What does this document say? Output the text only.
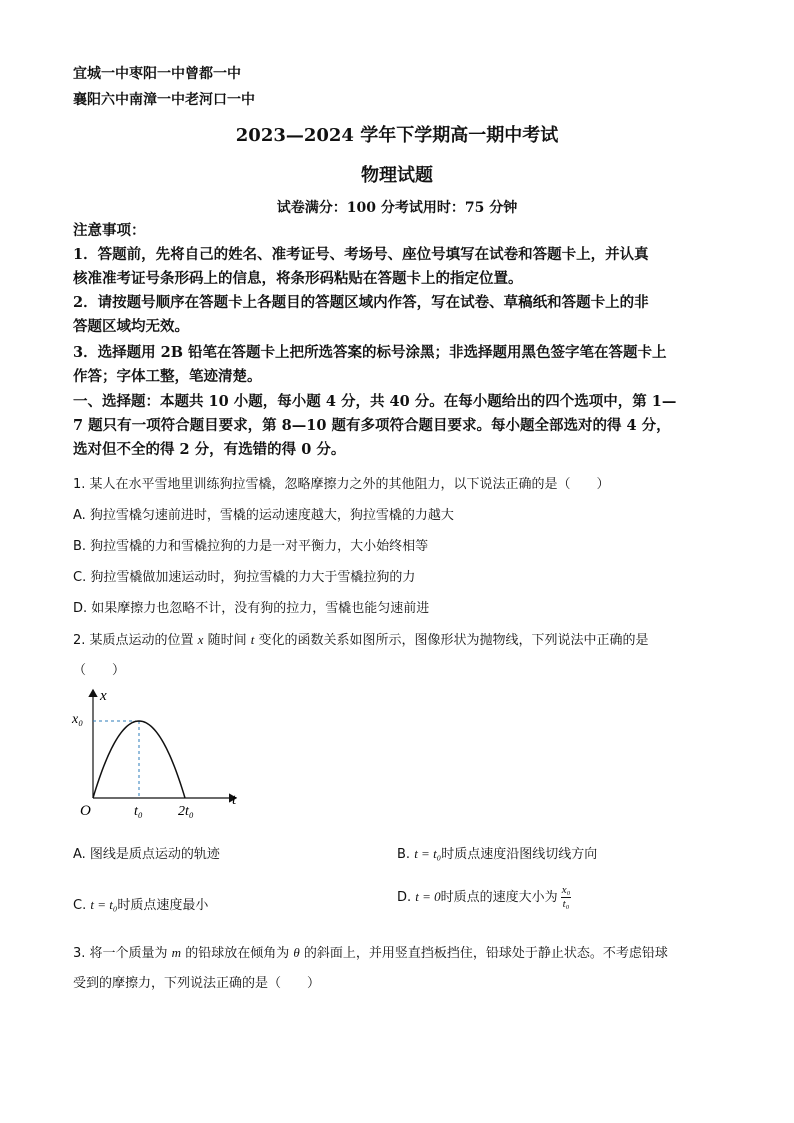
宜城一中枣阳一中曾都一中
襄阳六中南漳一中老河口一中
2023—2024 学年下学期高一期中考试
物理试题
试卷满分：100 分考试用时：75 分钟
注意事项：
1．答题前，先将自己的姓名、准考证号、考场号、座位号填写在试卷和答题卡上，并认真
核准准考证号条形码上的信息，将条形码粘贴在答题卡上的指定位置。
2．请按题号顺序在答题卡上各题目的答题区域内作答，写在试卷、草稿纸和答题卡上的非
答题区域均无效。
3．选择题用 2B 铅笔在答题卡上把所选答案的标号涂黑；非选择题用黑色签字笔在答题卡上
作答；字体工整，笔迹清楚。
一、选择题：本题共 10 小题，每小题 4 分，共 40 分。在每小题给出的四个选项中，第 1—
7 题只有一项符合题目要求，第 8—10 题有多项符合题目要求。每小题全部选对的得 4 分，
选对但不全的得 2 分，有选错的得 0 分。
1. 某人在水平雪地里训练狗拉雪橇，忽略摩擦力之外的其他阻力，以下说法正确的是（　　）
A. 狗拉雪橇匀速前进时，雪橇的运动速度越大，狗拉雪橇的力越大
B. 狗拉雪橇的力和雪橇拉狗的力是一对平衡力，大小始终相等
C. 狗拉雪橇做加速运动时，狗拉雪橇的力大于雪橇拉狗的力
D. 如果摩擦力也忽略不计，没有狗的拉力，雪橇也能匀速前进
2. 某质点运动的位置 x 随时间 t 变化的函数关系如图所示，图像形状为抛物线，下列说法中正确的是
（　　）
x
t
O
x₀
t₀	2t₀
A. 图线是质点运动的轨迹	B. t = t₀时质点速度沿图线切线方向
C. t = t₀时质点速度最小
D. t = 0时质点的速度大小为 $\frac{\text{x₀}}{\text{t₀}}$
3. 将一个质量为 m 的铅球放在倾角为 θ 的斜面上，并用竖直挡板挡住，铅球处于静止状态。不考虑铅球
受到的摩擦力，下列说法正确的是（　　）
